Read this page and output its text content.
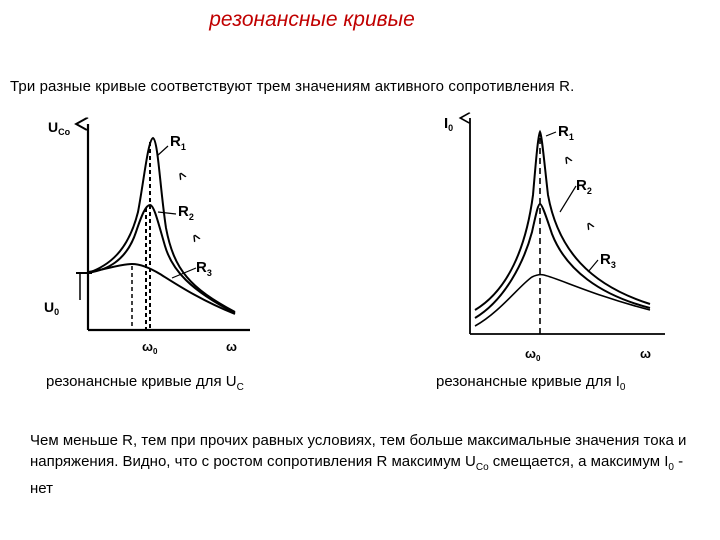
резонансные кривые
Три разные кривые соответствуют трем значениям активного сопротивления R.
$U_{Co}$
$R_1$
$R_2$
$R_3$
^
^
$U_0$
$\omega_0$	ω
$I_0$	$R_1$
$R_2$
$R_3$
^
^
$\omega_0$	ω
резонансные кривые для $U_C$	резонансные кривые для $I_0$
Чем меньше R, тем при прочих равных условиях, тем больше максимальные значения тока и напряжения. Видно, что с ростом сопротивления R максимум $U_{Co}$ смещается, а максимум $I_0$ - нет
